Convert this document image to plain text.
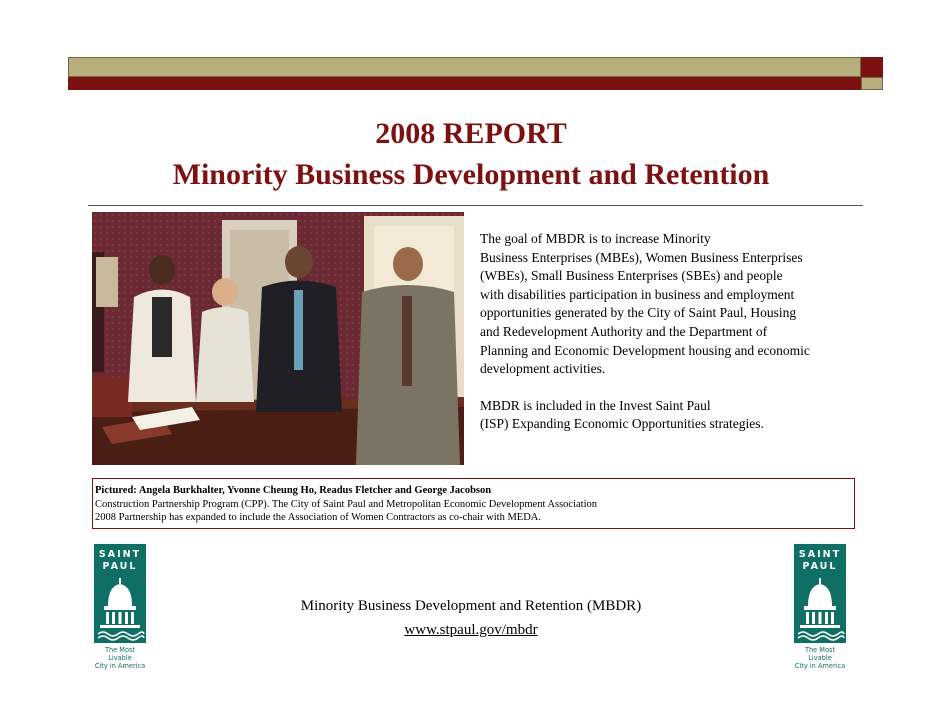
2008 REPORT
Minority Business Development and Retention

The goal of MBDR is to increase Minority
Business Enterprises (MBEs), Women Business Enterprises
(WBEs), Small Business Enterprises (SBEs) and people
with disabilities participation in business and employment
opportunities generated by the City of Saint Paul, Housing
and Redevelopment Authority and the Department of
Planning and Economic Development housing and economic
development activities.

MBDR is included in the Invest Saint Paul
(ISP) Expanding Economic Opportunities strategies.

Pictured: Angela Burkhalter, Yvonne Cheung Ho, Readus Fletcher and George Jacobson
Construction Partnership Program (CPP). The City of Saint Paul and Metropolitan Economic Development Association
2008 Partnership has expanded to include the Association of Women Contractors as co-chair with MEDA.
SAINT
PAUL
The Most Livable
City in America
SAINT
PAUL
The Most Livable
City in America
Minority Business Development and Retention (MBDR)
www.stpaul.gov/mbdr
